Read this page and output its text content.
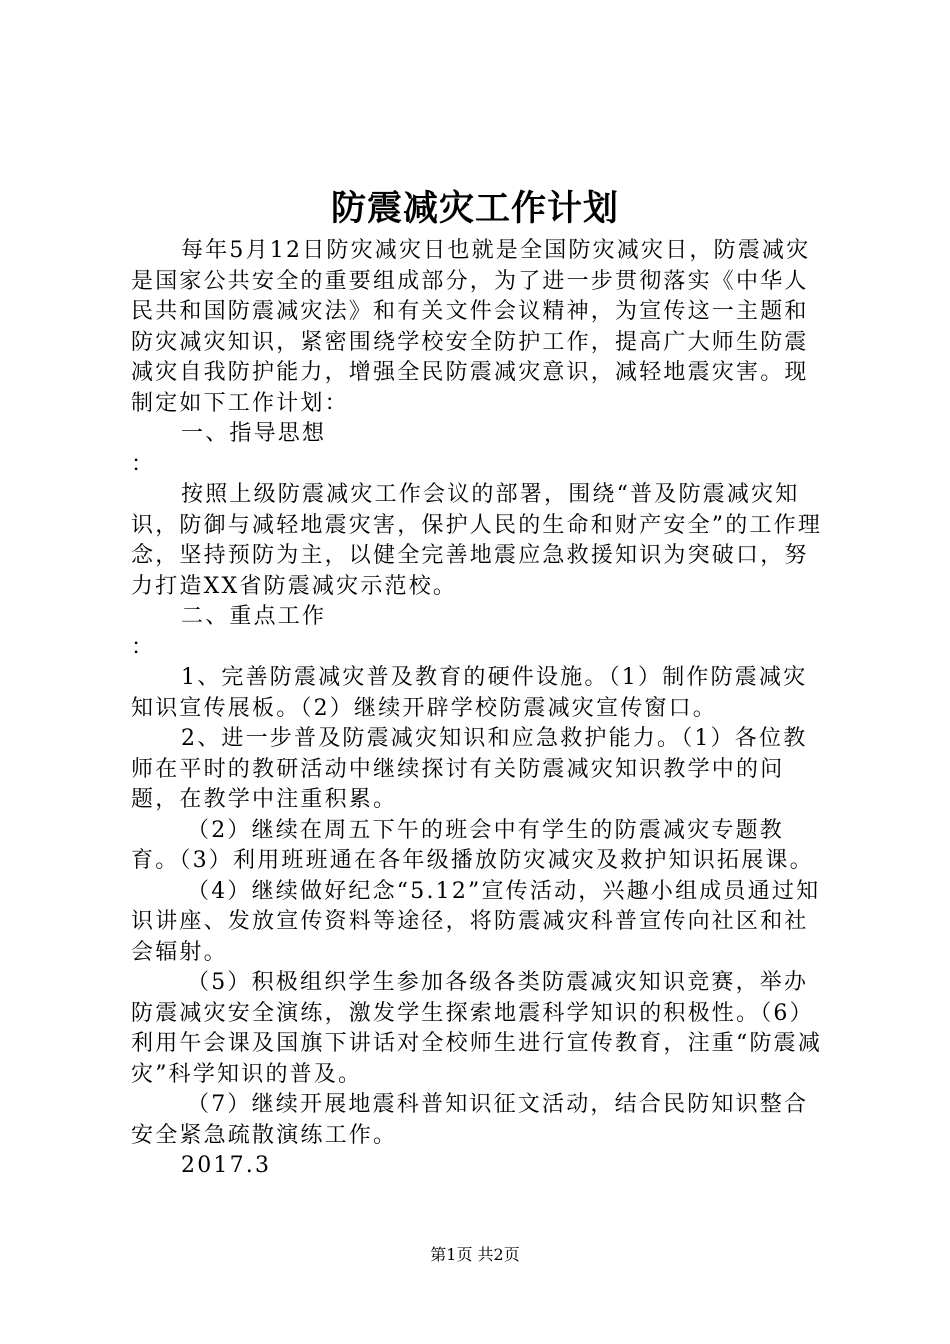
防震减灾工作计划

每年5月12日防灾减灾日也就是全国防灾减灾日，防震减灾是国家公共安全的重要组成部分，为了进一步贯彻落实《中华人民共和国防震减灾法》和有关文件会议精神，为宣传这一主题和防灾减灾知识，紧密围绕学校安全防护工作，提高广大师生防震减灾自我防护能力，增强全民防震减灾意识，减轻地震灾害。现制定如下工作计划：

一、指导思想

：

按照上级防震减灾工作会议的部署，围绕“普及防震减灾知识，防御与减轻地震灾害，保护人民的生命和财产安全”的工作理念，坚持预防为主，以健全完善地震应急救援知识为突破口，努力打造XX省防震减灾示范校。

二、重点工作

：

1、完善防震减灾普及教育的硬件设施。（1）制作防震减灾知识宣传展板。（2）继续开辟学校防震减灾宣传窗口。

2、进一步普及防震减灾知识和应急救护能力。（1）各位教师在平时的教研活动中继续探讨有关防震减灾知识教学中的问题，在教学中注重积累。

（2）继续在周五下午的班会中有学生的防震减灾专题教育。（3）利用班班通在各年级播放防灾减灾及救护知识拓展课。

（4）继续做好纪念“5.12”宣传活动，兴趣小组成员通过知识讲座、发放宣传资料等途径，将防震减灾科普宣传向社区和社会辐射。

（5）积极组织学生参加各级各类防震减灾知识竞赛，举办防震减灾安全演练，激发学生探索地震科学知识的积极性。（6）利用午会课及国旗下讲话对全校师生进行宣传教育，注重“防震减灾”科学知识的普及。

（7）继续开展地震科普知识征文活动，结合民防知识整合安全紧急疏散演练工作。

2017.3

第1页 共2页
